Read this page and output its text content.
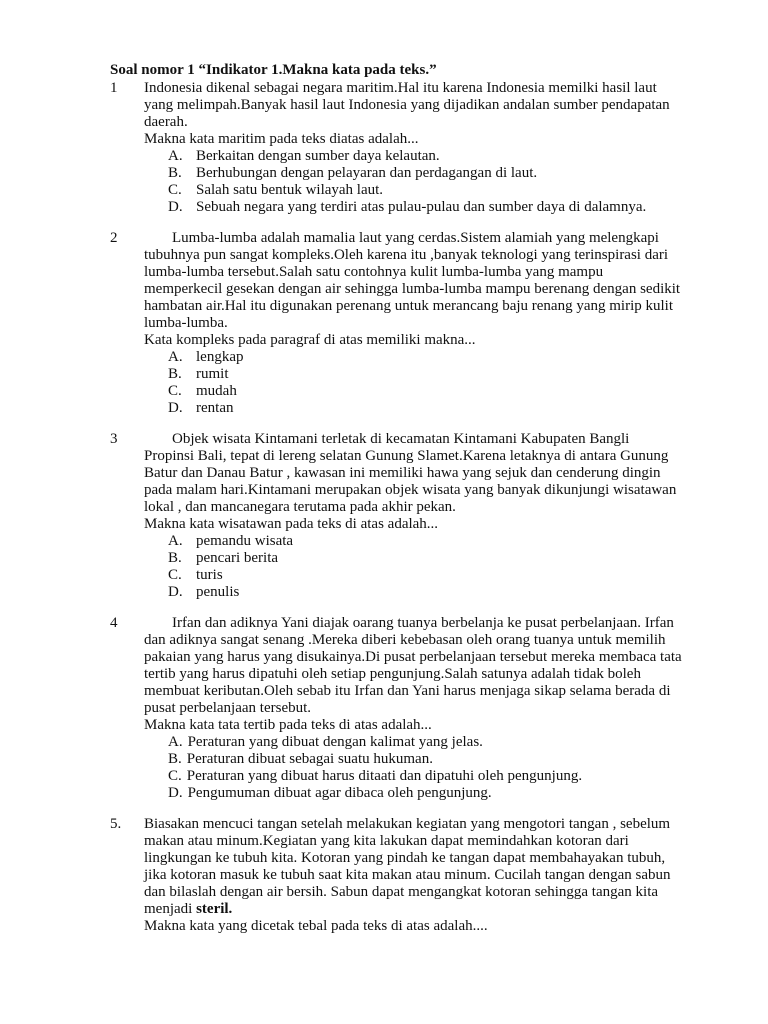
Soal nomor 1 “Indikator 1.Makna kata pada teks.”
1	Indonesia dikenal sebagai negara maritim.Hal itu karena Indonesia memilki hasil laut yang melimpah.Banyak hasil laut Indonesia yang dijadikan andalan sumber pendapatan daerah.

Makna kata maritim pada teks diatas adalah...

A. Berkaitan dengan sumber daya kelautan.
B. Berhubungan dengan pelayaran dan perdagangan di laut.
C. Salah satu bentuk wilayah laut.
D. Sebuah negara yang terdiri atas pulau-pulau dan sumber daya di dalamnya.
2	Lumba-lumba adalah mamalia laut yang cerdas.Sistem alamiah yang melengkapi tubuhnya pun sangat kompleks.Oleh karena itu ,banyak teknologi yang terinspirasi dari lumba-lumba tersebut.Salah satu contohnya kulit lumba-lumba yang mampu memperkecil gesekan dengan air sehingga lumba-lumba mampu berenang dengan sedikit hambatan air.Hal itu digunakan perenang untuk merancang baju renang yang mirip kulit lumba-lumba.

Kata kompleks pada paragraf di atas memiliki makna...

A. lengkap
B. rumit
C. mudah
D. rentan
3	Objek wisata Kintamani terletak di kecamatan Kintamani Kabupaten Bangli Propinsi Bali, tepat di lereng selatan Gunung Slamet.Karena letaknya di antara Gunung Batur dan Danau Batur , kawasan ini memiliki hawa yang sejuk dan cenderung dingin pada malam hari.Kintamani merupakan objek wisata yang banyak dikunjungi wisatawan lokal , dan mancanegara terutama pada akhir pekan.

Makna kata wisatawan pada teks di atas adalah...

A. pemandu wisata
B. pencari berita
C. turis
D. penulis
4	Irfan dan adiknya Yani diajak oarang tuanya berbelanja ke pusat perbelanjaan. Irfan dan adiknya sangat senang .Mereka diberi kebebasan oleh orang tuanya untuk memilih pakaian yang harus yang disukainya.Di pusat perbelanjaan tersebut mereka membaca tata tertib yang harus dipatuhi oleh setiap pengunjung.Salah satunya adalah tidak boleh membuat keributan.Oleh sebab itu Irfan dan Yani harus menjaga sikap selama berada di pusat perbelanjaan tersebut.

Makna kata tata tertib pada teks di atas adalah...

A. Peraturan yang dibuat dengan kalimat yang jelas.
B. Peraturan dibuat sebagai suatu hukuman.
C. Peraturan yang dibuat harus ditaati dan dipatuhi oleh pengunjung.
D. Pengumuman dibuat agar dibaca oleh pengunjung.
5.	Biasakan mencuci tangan setelah melakukan kegiatan yang mengotori tangan , sebelum makan atau minum.Kegiatan yang kita lakukan dapat memindahkan kotoran dari lingkungan ke tubuh kita. Kotoran yang pindah ke tangan dapat membahayakan tubuh, jika kotoran masuk ke tubuh saat kita makan atau minum. Cucilah tangan dengan sabun dan bilaslah dengan air bersih. Sabun dapat mengangkat kotoran sehingga tangan kita menjadi steril.

Makna kata yang dicetak tebal pada teks di atas adalah....
